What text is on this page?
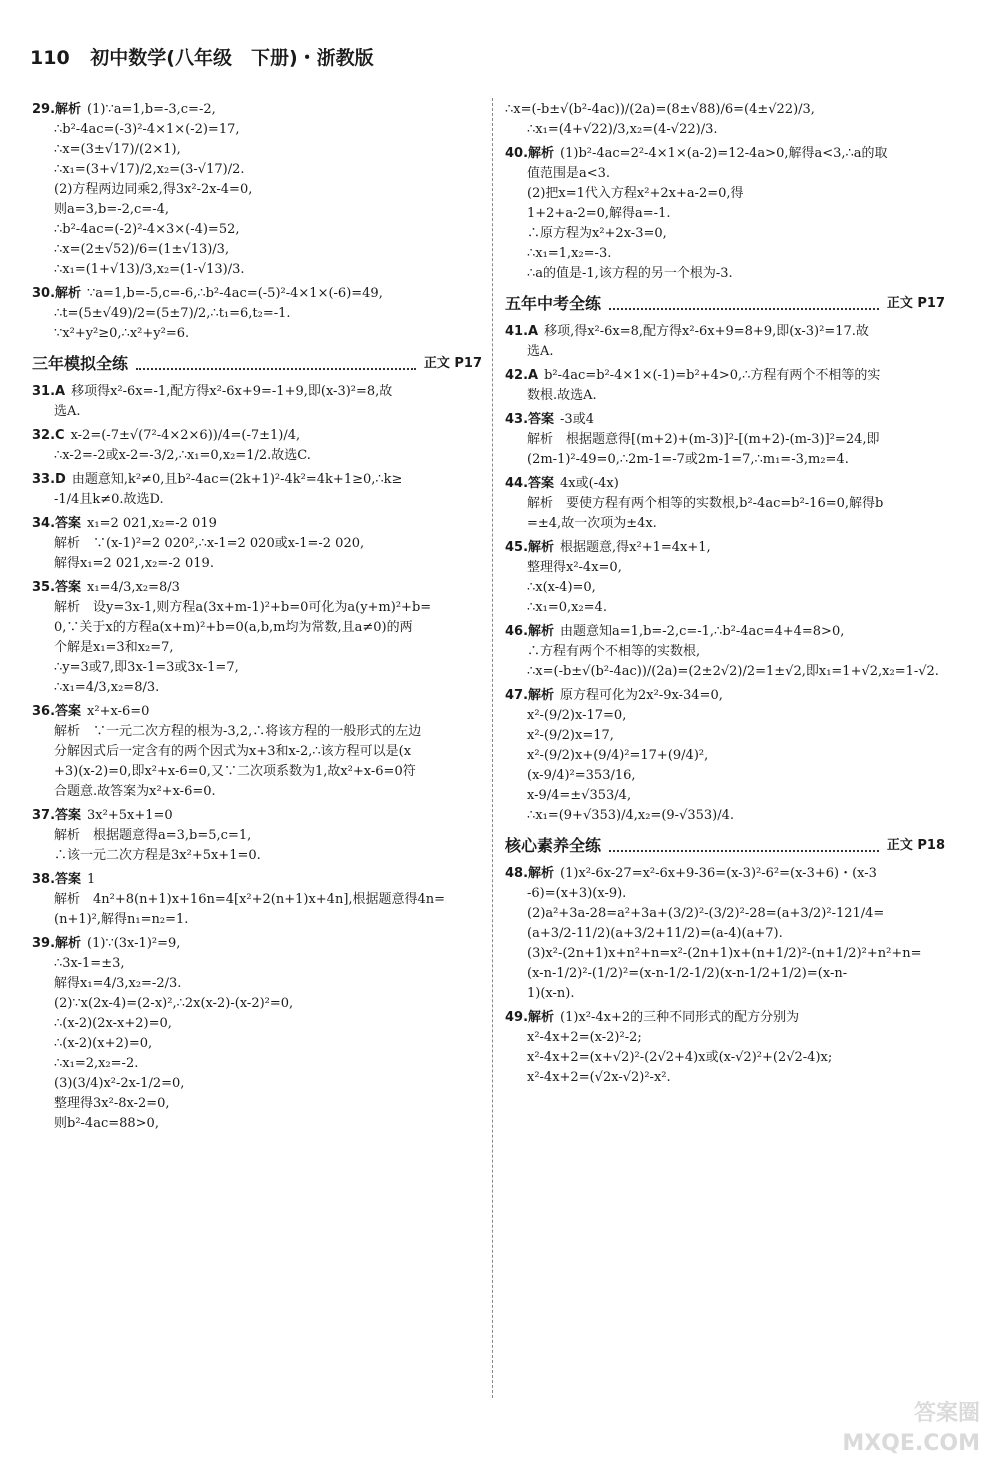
110 初中数学(八年级　下册)・浙教版
29.解析 (1)∵a=1,b=-3,c=-2,
∴b²-4ac=(-3)²-4×1×(-2)=17,
∴x=(3±√17)/(2×1),
∴x₁=(3+√17)/2,x₂=(3-√17)/2.
(2)方程两边同乘2,得3x²-2x-4=0,
则a=3,b=-2,c=-4,
∴b²-4ac=(-2)²-4×3×(-4)=52,
∴x=(2±√52)/6=(1±√13)/3,
∴x₁=(1+√13)/3,x₂=(1-√13)/3.
30.解析 ∵a=1,b=-5,c=-6,∴b²-4ac=(-5)²-4×1×(-6)=49,
∴t=(5±√49)/2=(5±7)/2,∴t₁=6,t₂=-1.
∵x²+y²≥0,∴x²+y²=6.
三年模拟全练	正文 P17
31.A 移项得x²-6x=-1,配方得x²-6x+9=-1+9,即(x-3)²=8,故
选A.
32.C x-2=(-7±√(7²-4×2×6))/4=(-7±1)/4,
∴x-2=-2或x-2=-3/2,∴x₁=0,x₂=1/2.故选C.
33.D 由题意知,k²≠0,且b²-4ac=(2k+1)²-4k²=4k+1≥0,∴k≥
-1/4且k≠0.故选D.
34.答案 x₁=2 021,x₂=-2 019
解析　∵(x-1)²=2 020²,∴x-1=2 020或x-1=-2 020,
解得x₁=2 021,x₂=-2 019.
35.答案 x₁=4/3,x₂=8/3
解析　设y=3x-1,则方程a(3x+m-1)²+b=0可化为a(y+m)²+b=
0,∵关于x的方程a(x+m)²+b=0(a,b,m均为常数,且a≠0)的两
个解是x₁=3和x₂=7,
∴y=3或7,即3x-1=3或3x-1=7,
∴x₁=4/3,x₂=8/3.
36.答案 x²+x-6=0
解析　∵一元二次方程的根为-3,2,∴将该方程的一般形式的左边
分解因式后一定含有的两个因式为x+3和x-2,∴该方程可以是(x
+3)(x-2)=0,即x²+x-6=0,又∵二次项系数为1,故x²+x-6=0符
合题意.故答案为x²+x-6=0.
37.答案 3x²+5x+1=0
解析　根据题意得a=3,b=5,c=1,
∴该一元二次方程是3x²+5x+1=0.
38.答案 1
解析　4n²+8(n+1)x+16n=4[x²+2(n+1)x+4n],根据题意得4n=
(n+1)²,解得n₁=n₂=1.
39.解析 (1)∵(3x-1)²=9,
∴3x-1=±3,
解得x₁=4/3,x₂=-2/3.
(2)∵x(2x-4)=(2-x)²,∴2x(x-2)-(x-2)²=0,
∴(x-2)(2x-x+2)=0,
∴(x-2)(x+2)=0,
∴x₁=2,x₂=-2.
(3)(3/4)x²-2x-1/2=0,
整理得3x²-8x-2=0,
则b²-4ac=88>0,
∴x=(-b±√(b²-4ac))/(2a)=(8±√88)/6=(4±√22)/3,
∴x₁=(4+√22)/3,x₂=(4-√22)/3.
40.解析 (1)b²-4ac=2²-4×1×(a-2)=12-4a>0,解得a<3,∴a的取
值范围是a<3.
(2)把x=1代入方程x²+2x+a-2=0,得
1+2+a-2=0,解得a=-1.
∴原方程为x²+2x-3=0,
∴x₁=1,x₂=-3.
∴a的值是-1,该方程的另一个根为-3.
五年中考全练	正文 P17
41.A 移项,得x²-6x=8,配方得x²-6x+9=8+9,即(x-3)²=17.故
选A.
42.A b²-4ac=b²-4×1×(-1)=b²+4>0,∴方程有两个不相等的实
数根.故选A.
43.答案 -3或4
解析　根据题意得[(m+2)+(m-3)]²-[(m+2)-(m-3)]²=24,即
(2m-1)²-49=0,∴2m-1=-7或2m-1=7,∴m₁=-3,m₂=4.
44.答案 4x或(-4x)
解析　要使方程有两个相等的实数根,b²-4ac=b²-16=0,解得b
=±4,故一次项为±4x.
45.解析 根据题意,得x²+1=4x+1,
整理得x²-4x=0,
∴x(x-4)=0,
∴x₁=0,x₂=4.
46.解析 由题意知a=1,b=-2,c=-1,∴b²-4ac=4+4=8>0,
∴方程有两个不相等的实数根,
∴x=(-b±√(b²-4ac))/(2a)=(2±2√2)/2=1±√2,即x₁=1+√2,x₂=1-√2.
47.解析 原方程可化为2x²-9x-34=0,
x²-(9/2)x-17=0,
x²-(9/2)x=17,
x²-(9/2)x+(9/4)²=17+(9/4)²,
(x-9/4)²=353/16,
x-9/4=±√353/4,
∴x₁=(9+√353)/4,x₂=(9-√353)/4.
核心素养全练	正文 P18
48.解析 (1)x²-6x-27=x²-6x+9-36=(x-3)²-6²=(x-3+6)・(x-3
-6)=(x+3)(x-9).
(2)a²+3a-28=a²+3a+(3/2)²-(3/2)²-28=(a+3/2)²-121/4=
(a+3/2-11/2)(a+3/2+11/2)=(a-4)(a+7).
(3)x²-(2n+1)x+n²+n=x²-(2n+1)x+(n+1/2)²-(n+1/2)²+n²+n=
(x-n-1/2)²-(1/2)²=(x-n-1/2-1/2)(x-n-1/2+1/2)=(x-n-
1)(x-n).
49.解析 (1)x²-4x+2的三种不同形式的配方分别为
x²-4x+2=(x-2)²-2;
x²-4x+2=(x+√2)²-(2√2+4)x或(x-√2)²+(2√2-4)x;
x²-4x+2=(√2x-√2)²-x².
答案圈
MXQE.COM
